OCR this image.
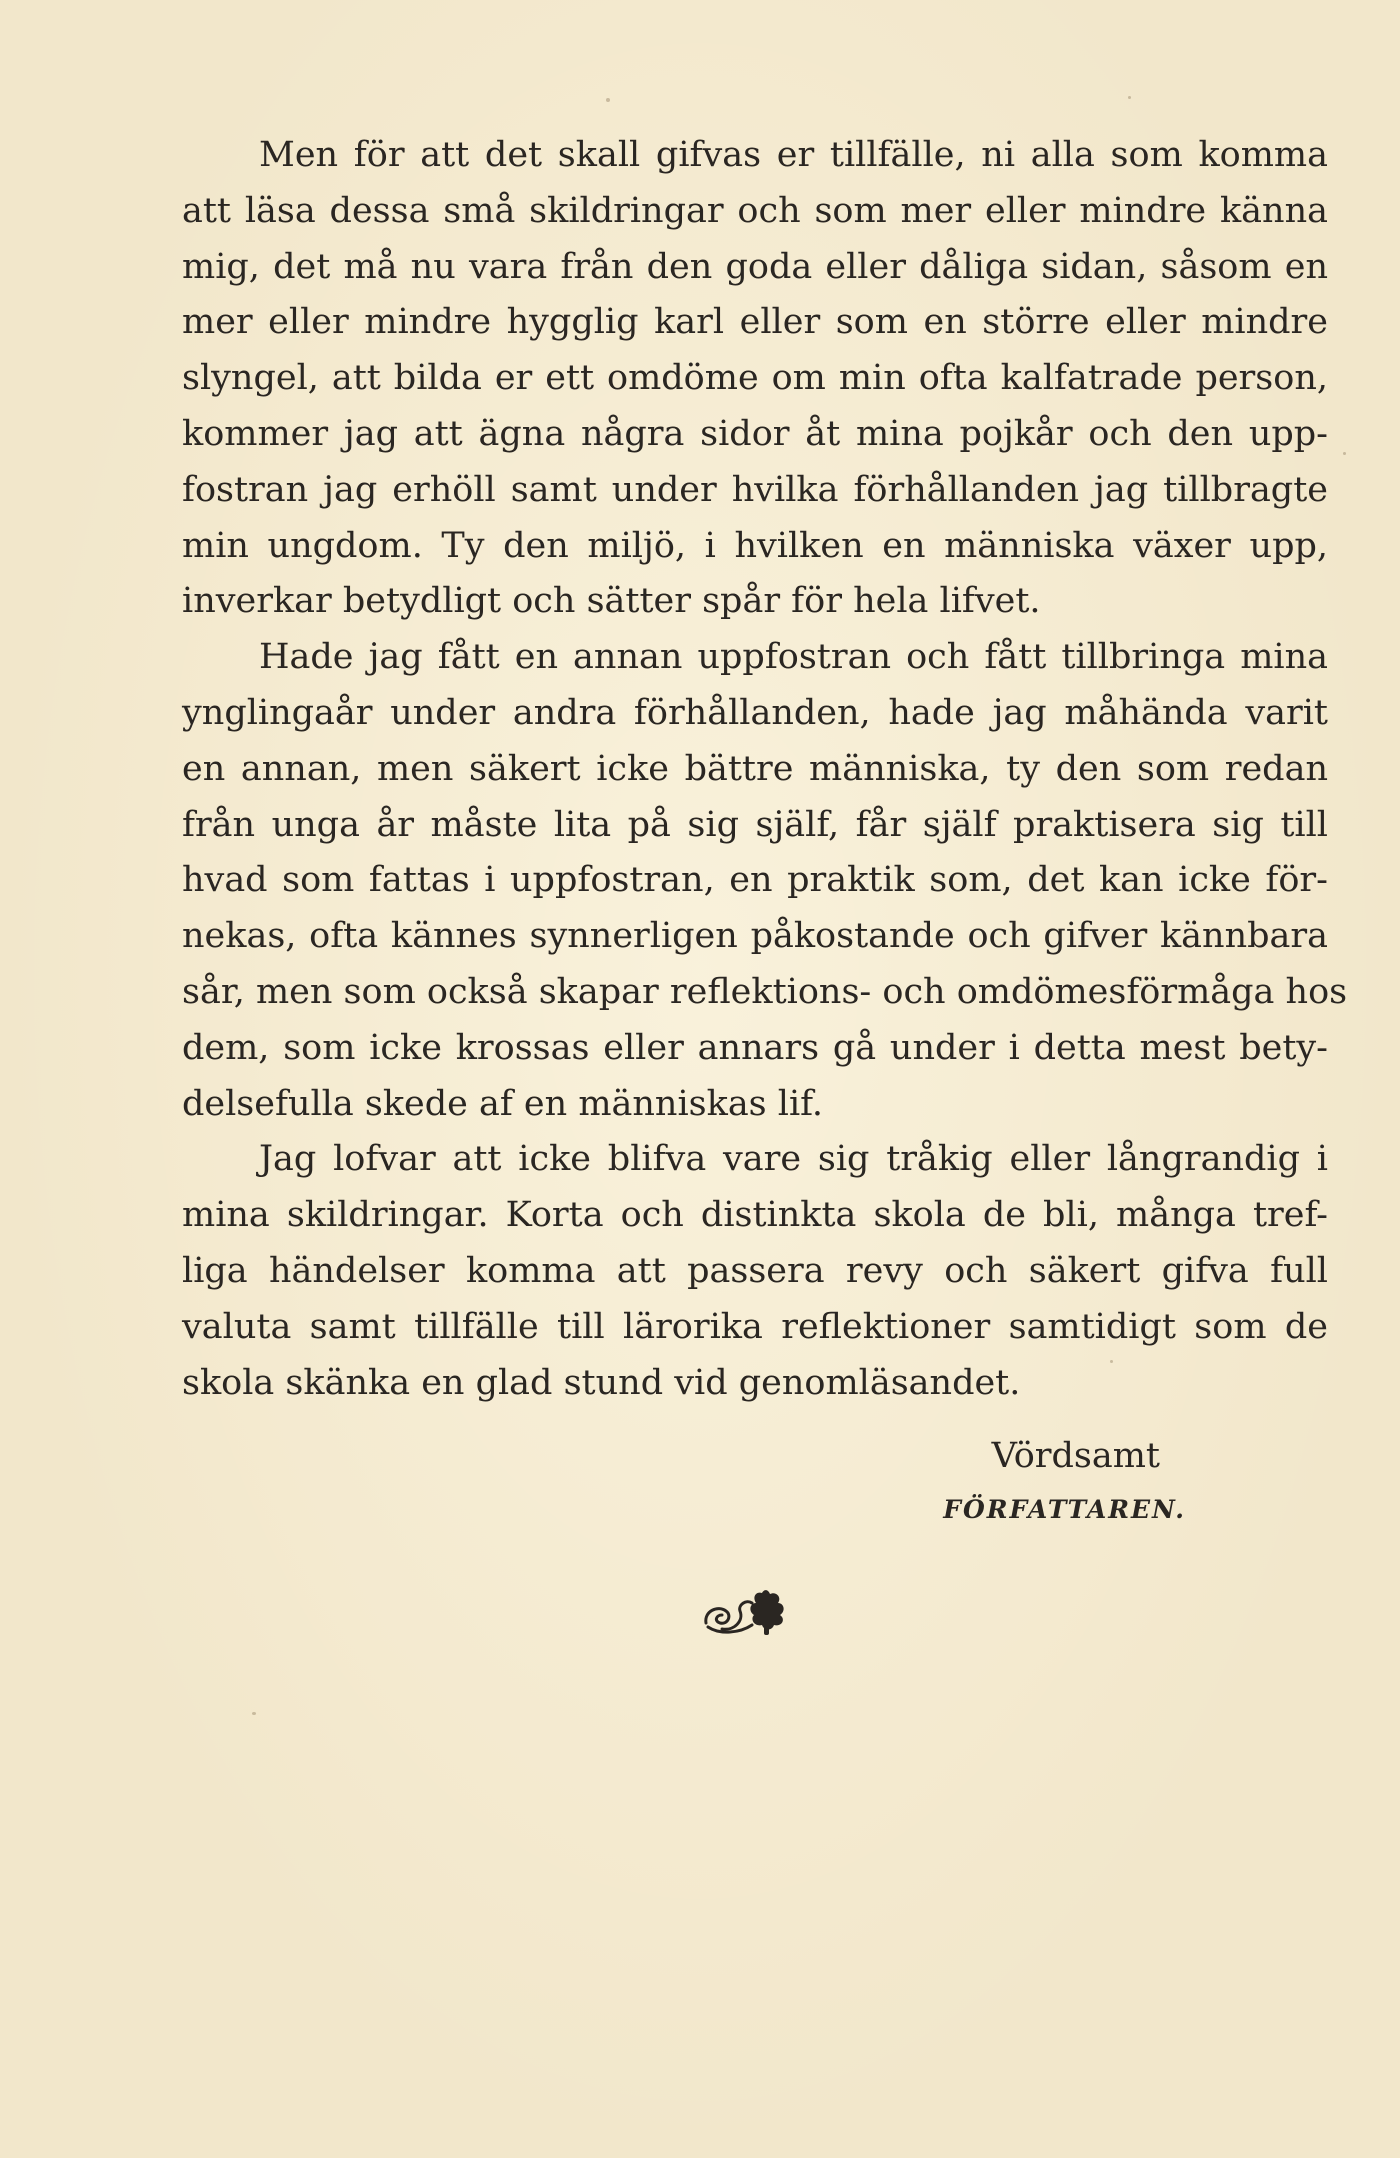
Men för att det skall gifvas er tillfälle, ni alla som komma
att läsa dessa små skildringar och som mer eller mindre känna
mig, det må nu vara från den goda eller dåliga sidan, såsom en
mer eller mindre hygglig karl eller som en större eller mindre
slyngel, att bilda er ett omdöme om min ofta kalfatrade person,
kommer jag att ägna några sidor åt mina pojkår och den upp-
fostran jag erhöll samt under hvilka förhållanden jag tillbragte
min ungdom. Ty den miljö, i hvilken en människa växer upp,
inverkar betydligt och sätter spår för hela lifvet.
Hade jag fått en annan uppfostran och fått tillbringa mina
ynglingaår under andra förhållanden, hade jag måhända varit
en annan, men säkert icke bättre människa, ty den som redan
från unga år måste lita på sig själf, får själf praktisera sig till
hvad som fattas i uppfostran, en praktik som, det kan icke för-
nekas, ofta kännes synnerligen påkostande och gifver kännbara
sår, men som också skapar reflektions- och omdömesförmåga hos
dem, som icke krossas eller annars gå under i detta mest bety-
delsefulla skede af en människas lif.
Jag lofvar att icke blifva vare sig tråkig eller långrandig i
mina skildringar. Korta och distinkta skola de bli, många tref-
liga händelser komma att passera revy och säkert gifva full
valuta samt tillfälle till lärorika reflektioner samtidigt som de
skola skänka en glad stund vid genomläsandet.
Vördsamt
FÖRFATTAREN.
